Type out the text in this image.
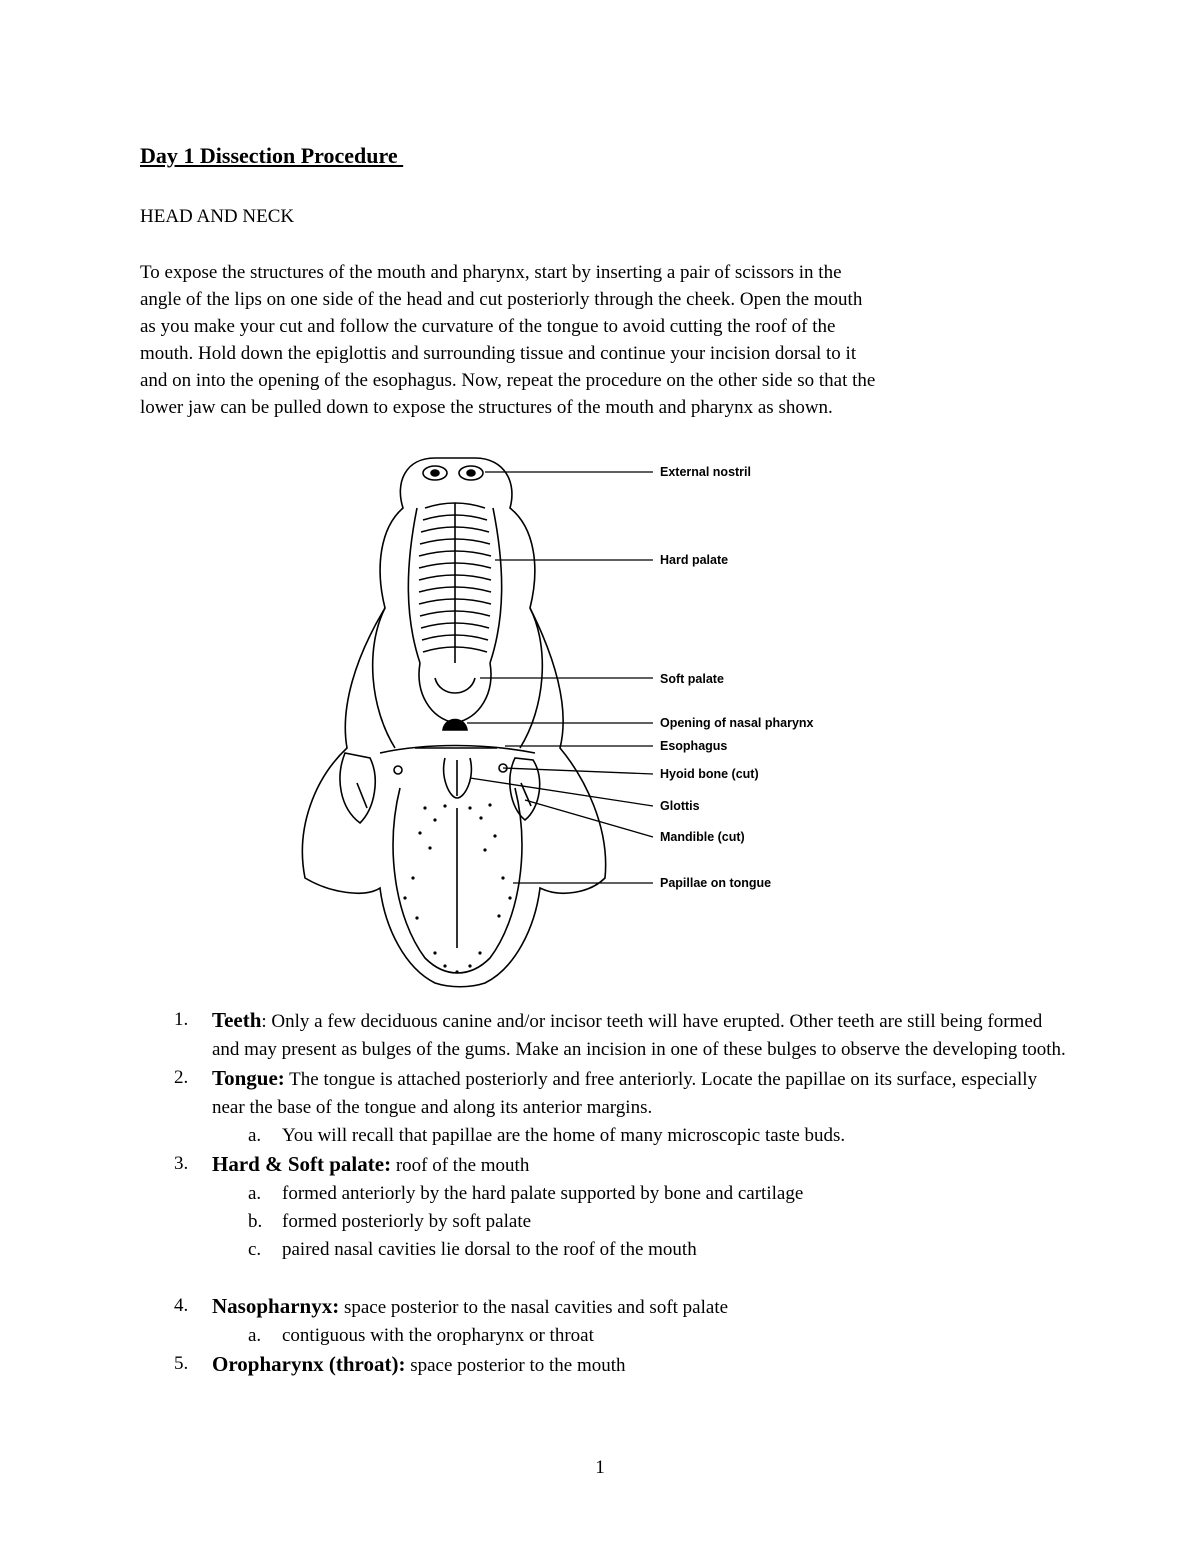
Day 1 Dissection Procedure
HEAD AND NECK
To expose the structures of the mouth and pharynx, start by inserting a pair of scissors in the
angle of the lips on one side of the head and cut posteriorly through the cheek. Open the mouth
as you make your cut and follow the curvature of the tongue to avoid cutting the roof of the
mouth. Hold down the epiglottis and surrounding tissue and continue your incision dorsal to it
and on into the opening of the esophagus. Now, repeat the procedure on the other side so that the
lower jaw can be pulled down to expose the structures of the mouth and pharynx as shown.
External nostril
Hard palate
Soft palate
Opening of nasal pharynx
Esophagus
Hyoid bone (cut)
Glottis
Mandible (cut)
Papillae on tongue
1. Teeth: Only a few deciduous canine and/or incisor teeth will have erupted. Other teeth are still being formed and may present as bulges of the gums. Make an incision in one of these bulges to observe the developing tooth.
2. Tongue: The tongue is attached posteriorly and free anteriorly. Locate the papillae on its surface, especially near the base of the tongue and along its anterior margins.
a. You will recall that papillae are the home of many microscopic taste buds.
3. Hard & Soft palate: roof of the mouth
a. formed anteriorly by the hard palate supported by bone and cartilage
b. formed posteriorly by soft palate
c. paired nasal cavities lie dorsal to the roof of the mouth
4. Nasopharnyx: space posterior to the nasal cavities and soft palate
a. contiguous with the oropharynx or throat
5. Oropharynx (throat): space posterior to the mouth
1
